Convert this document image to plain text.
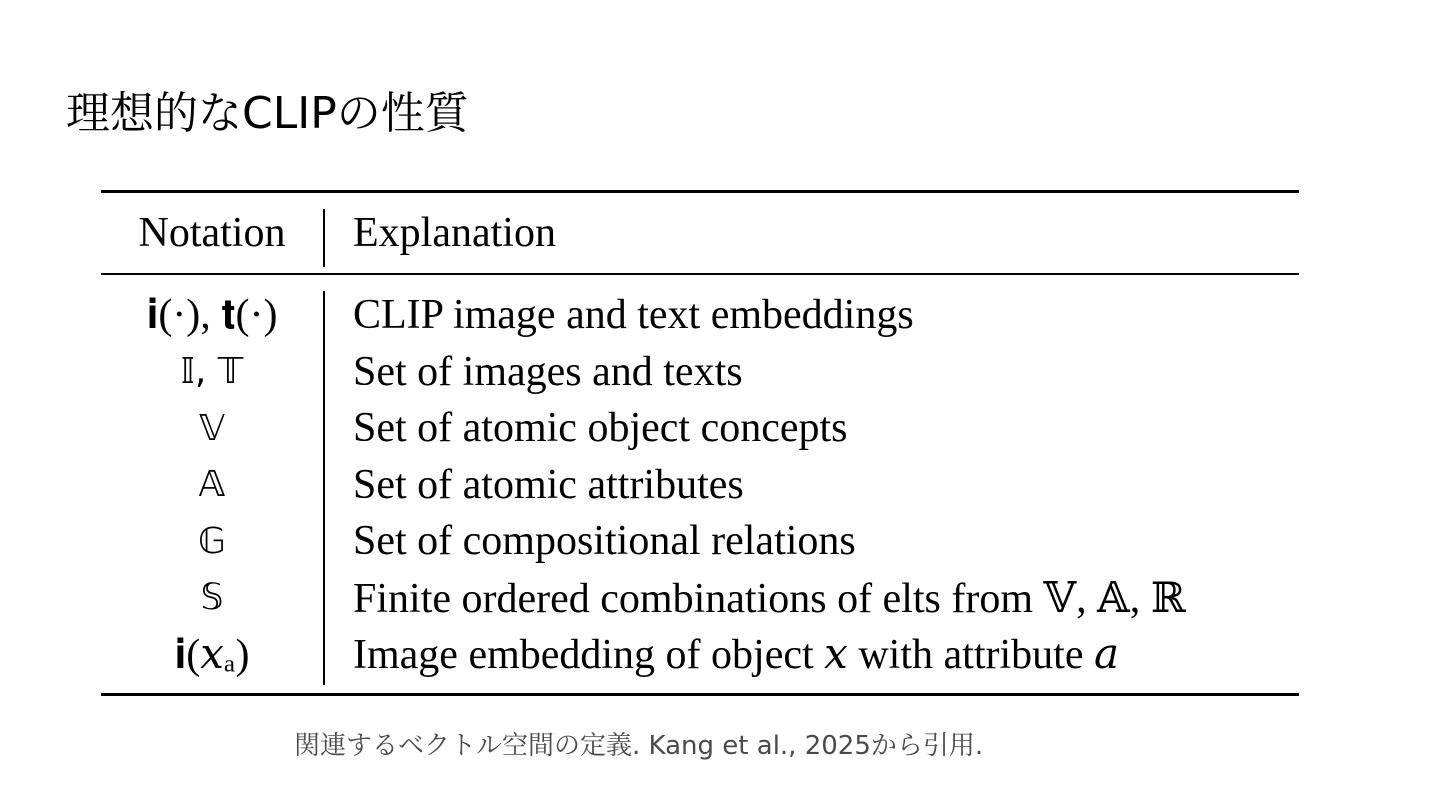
理想的なCLIPの性質
Notation	Explanation
𝐢(·), 𝐭(·)	CLIP image and text embeddings
𝕀, 𝕋	Set of images and texts
𝕍	Set of atomic object concepts
𝔸	Set of atomic attributes
𝔾	Set of compositional relations
𝕊	Finite ordered combinations of elts from 𝕍, 𝔸, ℝ
𝐢(𝑥ₐ)	Image embedding of object 𝑥 with attribute 𝑎
関連するベクトル空間の定義. Kang et al., 2025から引用.
